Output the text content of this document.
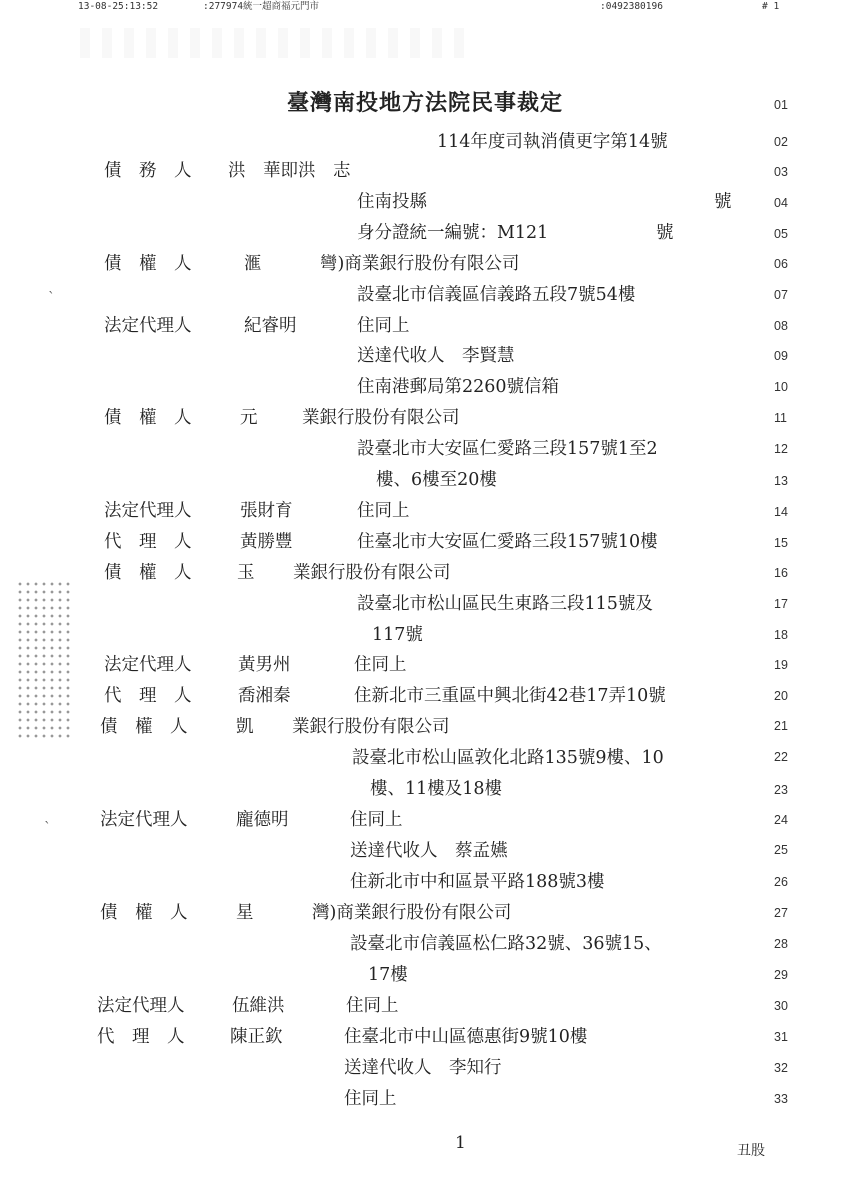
13-08-25:13:52	:277974統一超商福元門市	:0492380196	# 1
臺灣南投地方法院民事裁定
114年度司執消債更字第14號
01
02
03
04
05
06
07
08
09
10
11
12
13
14
15
16
17
18
19
20
21
22
23
24
25
26
27
28
29
30
31
32
33
債　務　人 洪　華即洪　志
住南投縣	號
身分證統一編號：M121	號
債　權　人	滙	彎)商業銀行股份有限公司
設臺北市信義區信義路五段7號54樓
法定代理人	紀睿明	住同上
送達代收人　李賢慧
住南港郵局第2260號信箱
債　權　人	元	業銀行股份有限公司
設臺北市大安區仁愛路三段157號1至2
樓、6樓至20樓
法定代理人	張財育	住同上
代　理　人	黃勝豐	住臺北市大安區仁愛路三段157號10樓
債　權　人	玉 業銀行股份有限公司
設臺北市松山區民生東路三段115號及
117號
法定代理人	黃男州	住同上
代　理　人	喬湘秦	住新北市三重區中興北街42巷17弄10號
債　權　人	凱 業銀行股份有限公司
設臺北市松山區敦化北路135號9樓、10
樓、11樓及18樓
法定代理人	龐德明	住同上
送達代收人　蔡孟嬿
住新北市中和區景平路188號3樓
債　權　人	星	灣)商業銀行股份有限公司
設臺北市信義區松仁路32號、36號15、
17樓
法定代理人	伍維洪	住同上
代　理　人	陳正欽	住臺北市中山區德惠街9號10樓
送達代收人　李知行
住同上
1	丑股
ˋ
ˋ
